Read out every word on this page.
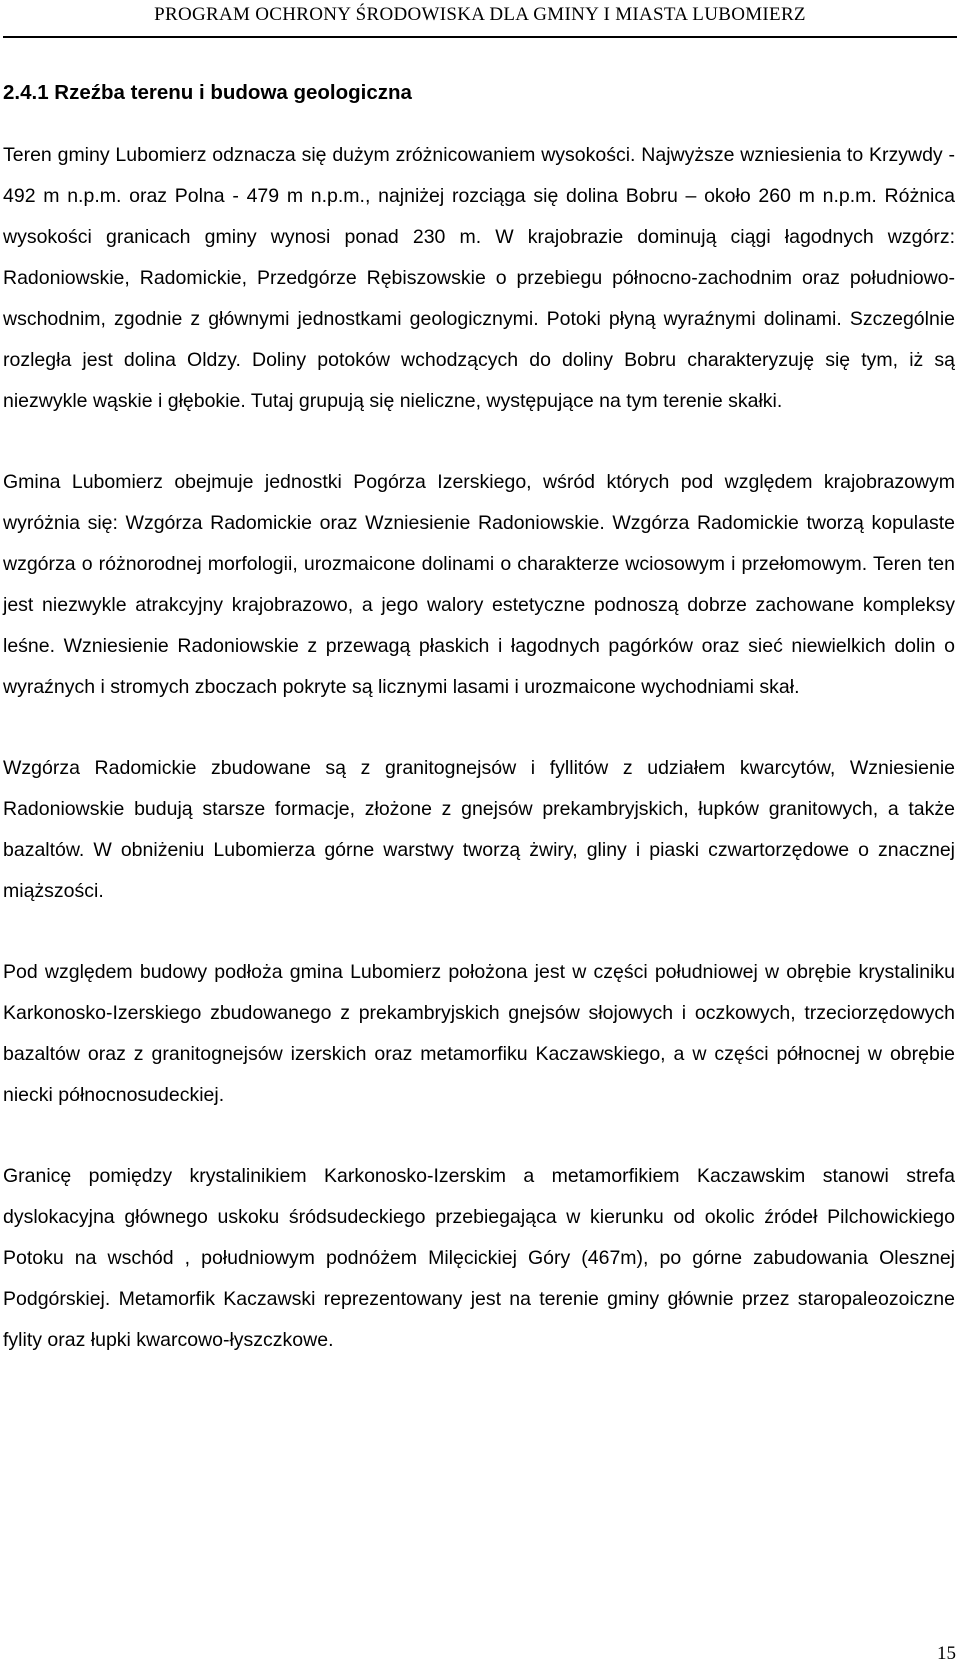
PROGRAM OCHRONY ŚRODOWISKA DLA GMINY I MIASTA LUBOMIERZ
2.4.1 Rzeźba terenu i budowa geologiczna

Teren gminy Lubomierz odznacza się dużym zróżnicowaniem wysokości. Najwyższe wzniesienia to Krzywdy - 492 m n.p.m. oraz Polna - 479 m n.p.m., najniżej rozciąga się dolina Bobru – około 260 m n.p.m. Różnica wysokości granicach gminy wynosi ponad 230 m. W krajobrazie dominują ciągi łagodnych wzgórz: Radoniowskie, Radomickie, Przedgórze Rębiszowskie o przebiegu północno-zachodnim oraz południowo-wschodnim, zgodnie z głównymi jednostkami geologicznymi. Potoki płyną wyraźnymi dolinami. Szczególnie rozległa jest dolina Oldzy. Doliny potoków wchodzących do doliny Bobru charakteryzuję się tym, iż są niezwykle wąskie i głębokie. Tutaj grupują się nieliczne, występujące na tym terenie skałki.

Gmina Lubomierz obejmuje jednostki Pogórza Izerskiego, wśród których pod względem krajobrazowym wyróżnia się: Wzgórza Radomickie oraz Wzniesienie Radoniowskie. Wzgórza Radomickie tworzą kopulaste wzgórza o różnorodnej morfologii, urozmaicone dolinami o charakterze wciosowym i przełomowym. Teren ten jest niezwykle atrakcyjny krajobrazowo, a jego walory estetyczne podnoszą dobrze zachowane kompleksy leśne. Wzniesienie Radoniowskie z przewagą płaskich i łagodnych pagórków oraz sieć niewielkich dolin o wyraźnych i stromych zboczach pokryte są licznymi lasami i urozmaicone wychodniami skał.

Wzgórza Radomickie zbudowane są z granitognejsów i fyllitów z udziałem kwarcytów, Wzniesienie Radoniowskie budują starsze formacje, złożone z gnejsów prekambryjskich, łupków granitowych, a także bazaltów. W obniżeniu Lubomierza górne warstwy tworzą żwiry, gliny i piaski czwartorzędowe o znacznej miąższości.

Pod względem budowy podłoża gmina Lubomierz położona jest w części południowej w obrębie krystaliniku Karkonosko-Izerskiego zbudowanego z prekambryjskich gnejsów słojowych i oczkowych, trzeciorzędowych bazaltów oraz z granitognejsów izerskich oraz metamorfiku Kaczawskiego, a w części północnej w obrębie niecki północnosudeckiej.

Granicę pomiędzy krystalinikiem Karkonosko-Izerskim a metamorfikiem Kaczawskim stanowi strefa dyslokacyjna głównego uskoku śródsudeckiego przebiegająca w kierunku od okolic źródeł Pilchowickiego Potoku na wschód , południowym podnóżem Milęcickiej Góry (467m), po górne zabudowania Olesznej Podgórskiej. Metamorfik Kaczawski reprezentowany jest na terenie gminy głównie przez staropaleozoiczne fylity oraz łupki kwarcowo-łyszczkowe.

15
